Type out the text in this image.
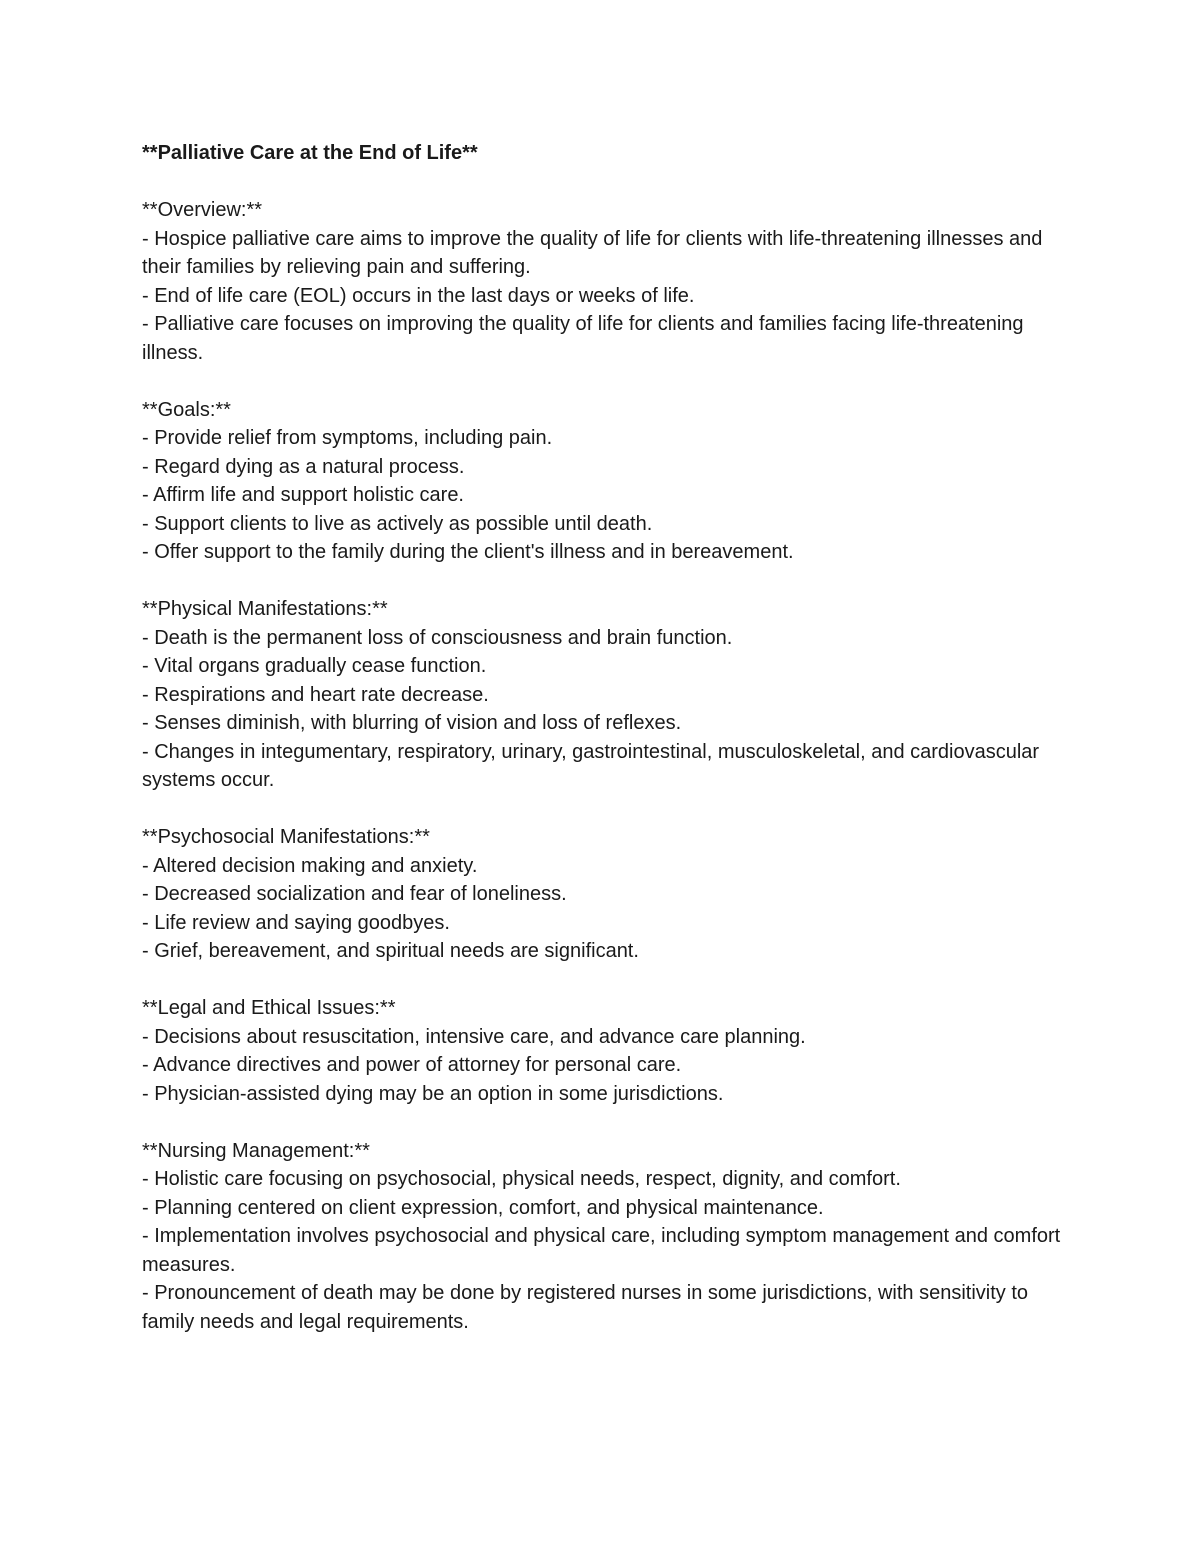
**Palliative Care at the End of Life**

**Overview:**

- Hospice palliative care aims to improve the quality of life for clients with life-threatening illnesses and their families by relieving pain and suffering.

- End of life care (EOL) occurs in the last days or weeks of life.

- Palliative care focuses on improving the quality of life for clients and families facing life-threatening illness.

**Goals:**

- Provide relief from symptoms, including pain.

- Regard dying as a natural process.

- Affirm life and support holistic care.

- Support clients to live as actively as possible until death.

- Offer support to the family during the client's illness and in bereavement.

**Physical Manifestations:**

- Death is the permanent loss of consciousness and brain function.

- Vital organs gradually cease function.

- Respirations and heart rate decrease.

- Senses diminish, with blurring of vision and loss of reflexes.

- Changes in integumentary, respiratory, urinary, gastrointestinal, musculoskeletal, and cardiovascular systems occur.

**Psychosocial Manifestations:**

- Altered decision making and anxiety.

- Decreased socialization and fear of loneliness.

- Life review and saying goodbyes.

- Grief, bereavement, and spiritual needs are significant.

**Legal and Ethical Issues:**

- Decisions about resuscitation, intensive care, and advance care planning.

- Advance directives and power of attorney for personal care.

- Physician-assisted dying may be an option in some jurisdictions.

**Nursing Management:**

- Holistic care focusing on psychosocial, physical needs, respect, dignity, and comfort.

- Planning centered on client expression, comfort, and physical maintenance.

- Implementation involves psychosocial and physical care, including symptom management and comfort measures.

- Pronouncement of death may be done by registered nurses in some jurisdictions, with sensitivity to family needs and legal requirements.
